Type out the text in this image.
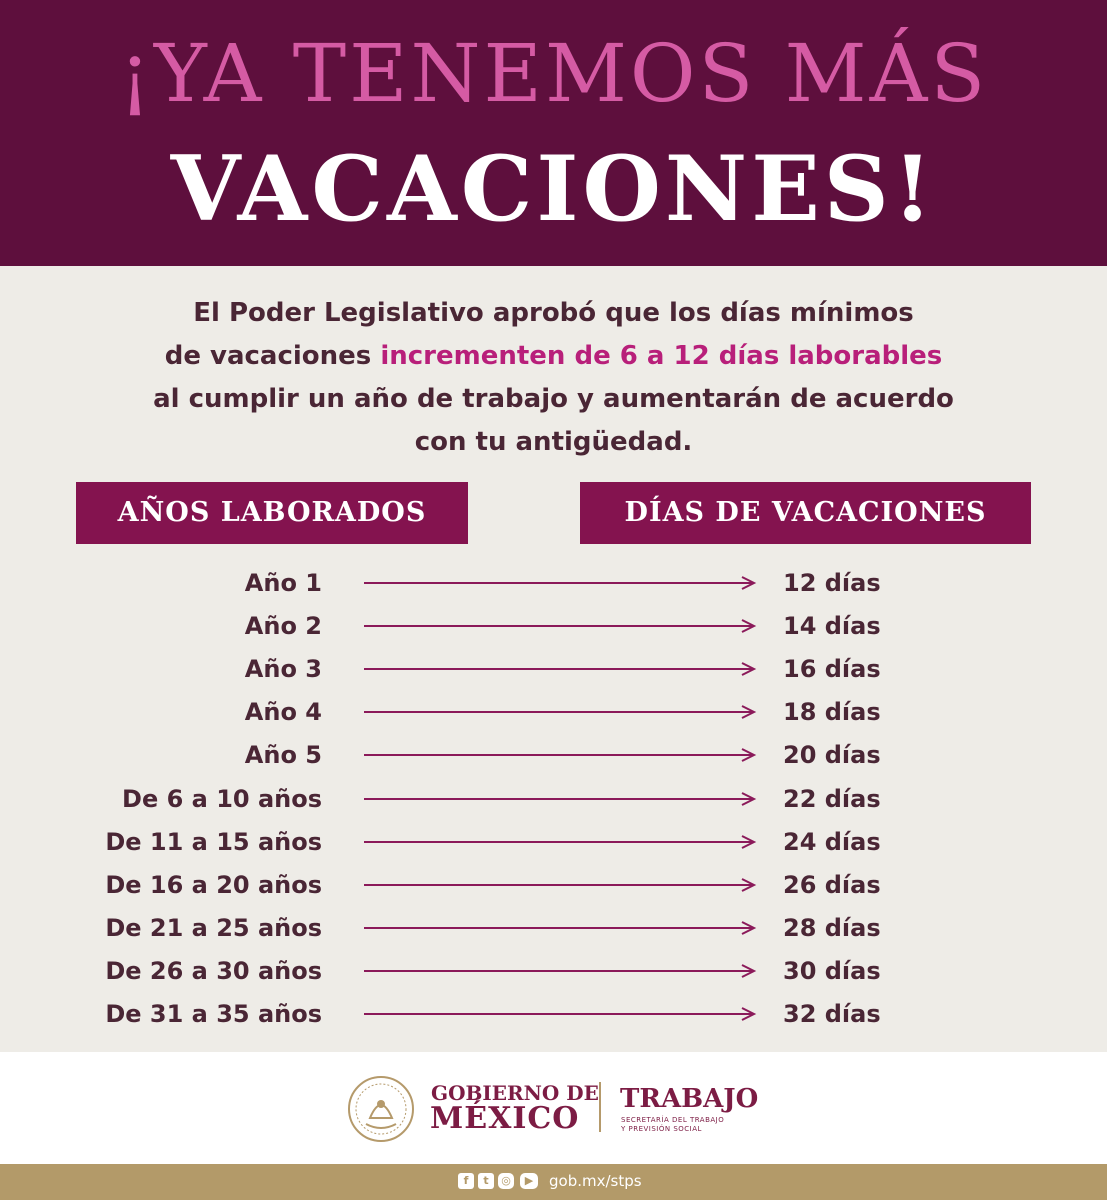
¡YA TENEMOS MÁS
VACACIONES!
El Poder Legislativo aprobó que los días mínimos
de vacaciones incrementen de 6 a 12 días laborables
al cumplir un año de trabajo y aumentarán de acuerdo
con tu antigüedad.
AÑOS LABORADOS	DÍAS DE VACACIONES
Año 1	12 días
Año 2	14 días
Año 3	16 días
Año 4	18 días
Año 5	20 días
De 6 a 10 años	22 días
De 11 a 15 años	24 días
De 16 a 20 años	26 días
De 21 a 25 años	28 días
De 26 a 30 años	30 días
De 31 a 35 años	32 días
GOBIERNO DE
MÉXICO
TRABAJO
SECRETARÍA DEL TRABAJO
Y PREVISIÓN SOCIAL
f	t	◎	▶	gob.mx/stps
